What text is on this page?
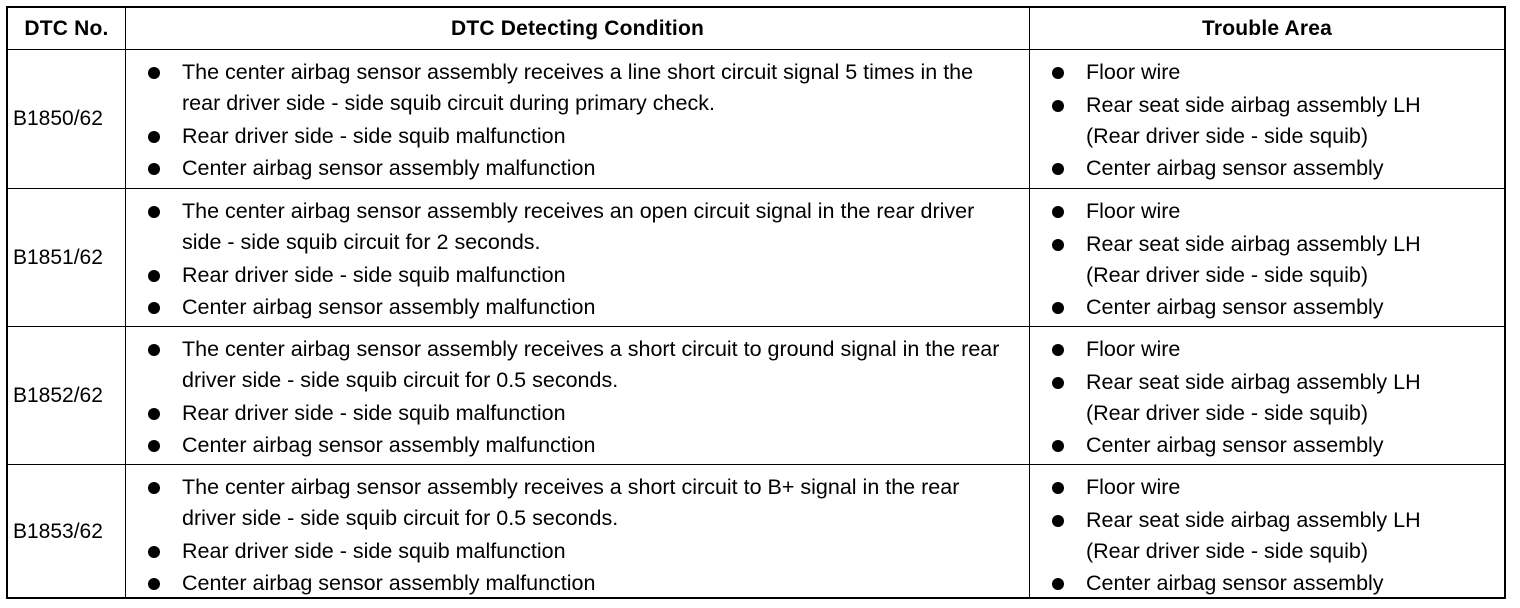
DTC No.	DTC Detecting Condition	Trouble Area
B1850/62
The center airbag sensor assembly receives a line short circuit signal 5 times in the rear driver side - side squib circuit during primary check.
Rear driver side - side squib malfunction
Center airbag sensor assembly malfunction
Floor wire
Rear seat side airbag assembly LH (Rear driver side - side squib)
Center airbag sensor assembly
B1851/62
The center airbag sensor assembly receives an open circuit signal in the rear driver side - side squib circuit for 2 seconds.
Rear driver side - side squib malfunction
Center airbag sensor assembly malfunction
Floor wire
Rear seat side airbag assembly LH (Rear driver side - side squib)
Center airbag sensor assembly
B1852/62
The center airbag sensor assembly receives a short circuit to ground signal in the rear driver side - side squib circuit for 0.5 seconds.
Rear driver side - side squib malfunction
Center airbag sensor assembly malfunction
Floor wire
Rear seat side airbag assembly LH (Rear driver side - side squib)
Center airbag sensor assembly
B1853/62
The center airbag sensor assembly receives a short circuit to B+ signal in the rear driver side - side squib circuit for 0.5 seconds.
Rear driver side - side squib malfunction
Center airbag sensor assembly malfunction
Floor wire
Rear seat side airbag assembly LH (Rear driver side - side squib)
Center airbag sensor assembly
